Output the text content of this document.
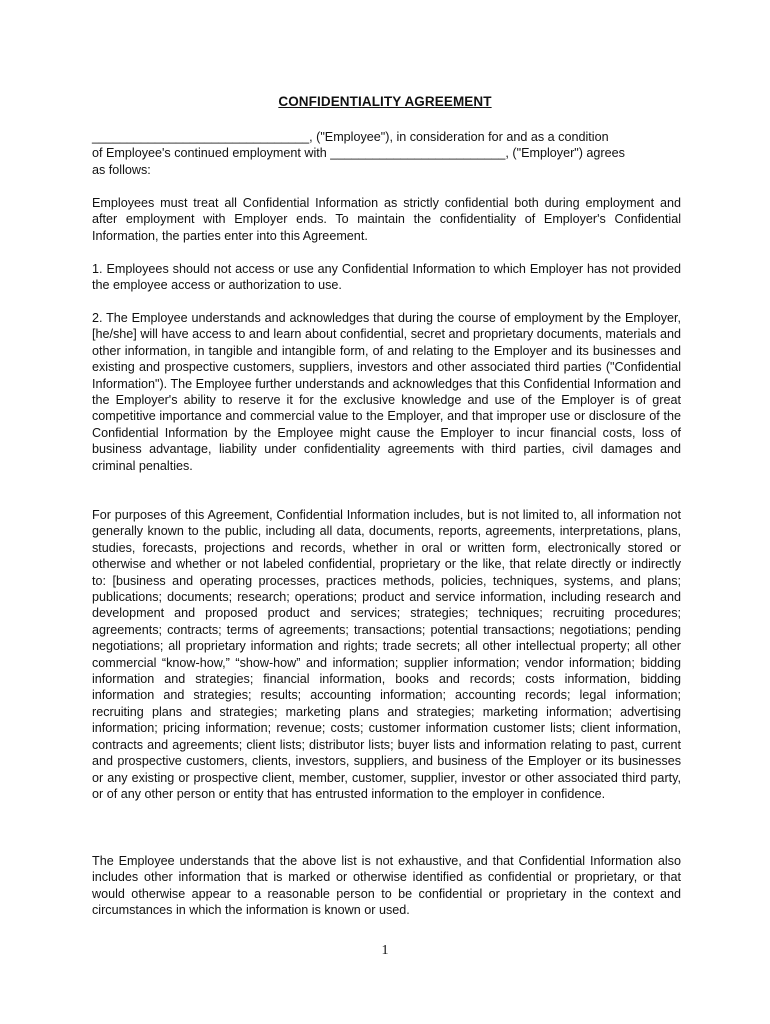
CONFIDENTIALITY AGREEMENT

_______________________________, ("Employee"), in consideration for and as a condition

of Employee's continued employment with _________________________, ("Employer") agrees

as follows:

Employees must treat all Confidential Information as strictly confidential both during employment and after employment with Employer ends. To maintain the confidentiality of Employer's Confidential Information, the parties enter into this Agreement.

1. Employees should not access or use any Confidential Information to which Employer has not provided the employee access or authorization to use.

2. The Employee understands and acknowledges that during the course of employment by the Employer, [he/she] will have access to and learn about confidential, secret and proprietary documents, materials and other information, in tangible and intangible form, of and relating to the Employer and its businesses and existing and prospective customers, suppliers, investors and other associated third parties ("Confidential Information"). The Employee further understands and acknowledges that this Confidential Information and the Employer's ability to reserve it for the exclusive knowledge and use of the Employer is of great competitive importance and commercial value to the Employer, and that improper use or disclosure of the Confidential Information by the Employee might cause the Employer to incur financial costs, loss of business advantage, liability under confidentiality agreements with third parties, civil damages and criminal penalties.

For purposes of this Agreement, Confidential Information includes, but is not limited to, all information not generally known to the public, including all data, documents, reports, agreements, interpretations, plans, studies, forecasts, projections and records, whether in oral or written form, electronically stored or otherwise and whether or not labeled confidential, proprietary or the like, that relate directly or indirectly to: [business and operating processes, practices methods, policies, techniques, systems, and plans; publications; documents; research; operations; product and service information, including research and development and proposed product and services; strategies; techniques; recruiting procedures; agreements; contracts; terms of agreements; transactions; potential transactions; negotiations; pending negotiations; all proprietary information and rights; trade secrets; all other intellectual property; all other commercial “know-how,” “show-how” and information; supplier information; vendor information; bidding information and strategies; financial information, books and records; costs information, bidding information and strategies; results; accounting information; accounting records; legal information; recruiting plans and strategies; marketing plans and strategies; marketing information; advertising information; pricing information; revenue; costs; customer information customer lists; client information, contracts and agreements; client lists; distributor lists; buyer lists and information relating to past, current and prospective customers, clients, investors, suppliers, and business of the Employer or its businesses or any existing or prospective client, member, customer, supplier, investor or other associated third party, or of any other person or entity that has entrusted information to the employer in confidence.

The Employee understands that the above list is not exhaustive, and that Confidential Information also includes other information that is marked or otherwise identified as confidential or proprietary, or that would otherwise appear to a reasonable person to be confidential or proprietary in the context and circumstances in which the information is known or used.

1
